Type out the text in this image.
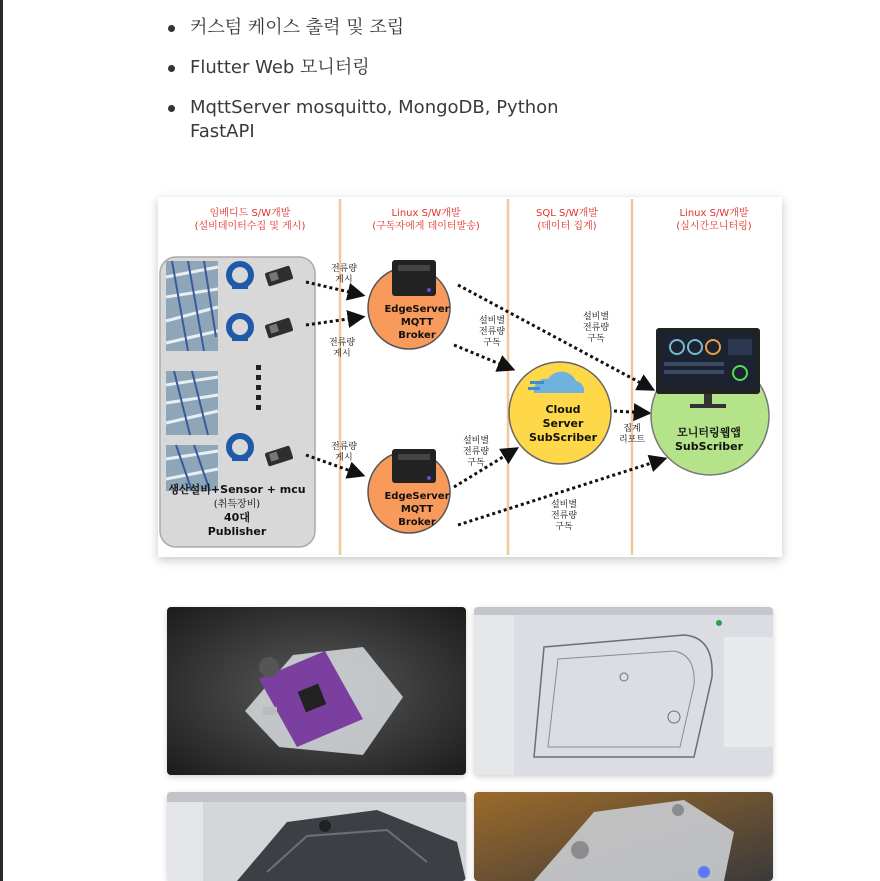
커스텀 케이스 출력 및 조립
Flutter Web 모니터링
MqttServer mosquitto, MongoDB, Python
FastAPI
임베디드 S/W개발
(설비데이터수집 및 게시)
Linux S/W개발
(구독자에게 데이터발송)
SQL S/W개발
(데이터 집계)
Linux S/W개발
(실시간모니터링)
생산설비+Sensor + mcu
(취득장비)
40대
Publisher
EdgeServer
MQTT
Broker
EdgeServer
MQTT
Broker
Cloud
Server
SubScriber	모니터링웹앱
SubScriber
전류량
게시
전류량
게시
전류량
게시
설비별
전류량
구독
설비별
전류량
구독
설비별
전류량
구독
설비별
전류량
구독
집계
리포트
